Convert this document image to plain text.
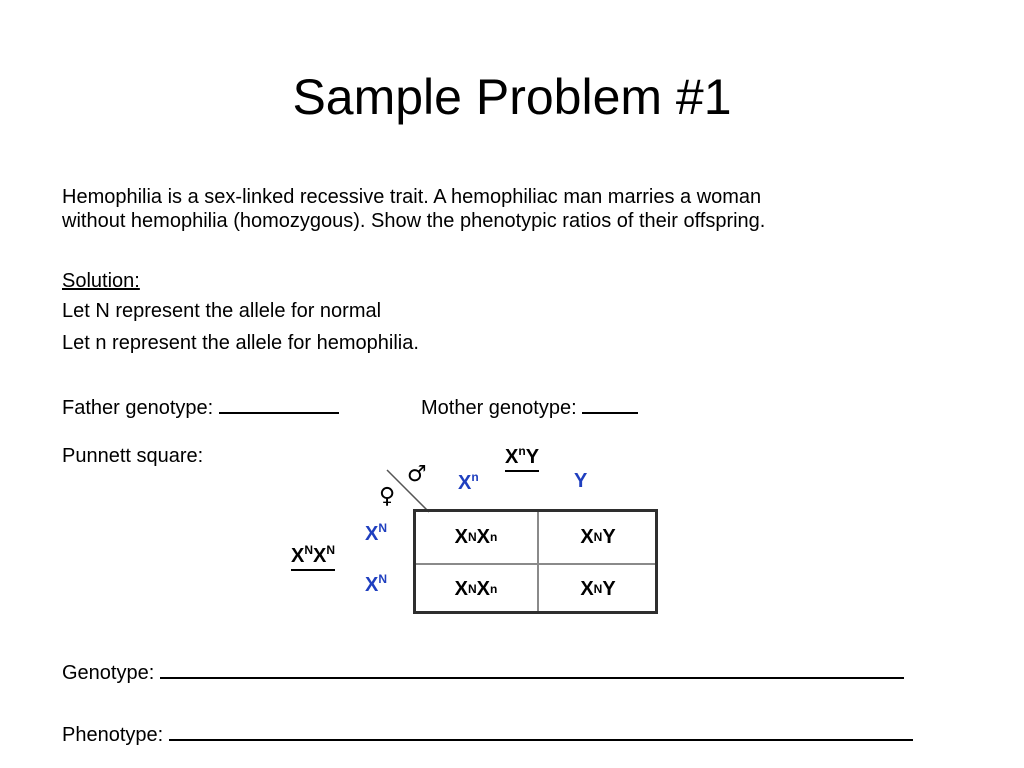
Sample Problem #1
Hemophilia is a sex-linked recessive trait. A hemophiliac man marries a woman
without hemophilia (homozygous). Show the phenotypic ratios of their offspring.
Solution:
Let N represent the allele for normal
Let n represent the allele for hemophilia.
Father genotype:	Mother genotype:
Punnett square:	$X^nY$
♂
♀
$X^n$	Y
$X^N$
$X^N$
$X^NX^N$
X N X n	X N Y
X N X n	X N Y
Genotype:
Phenotype:
